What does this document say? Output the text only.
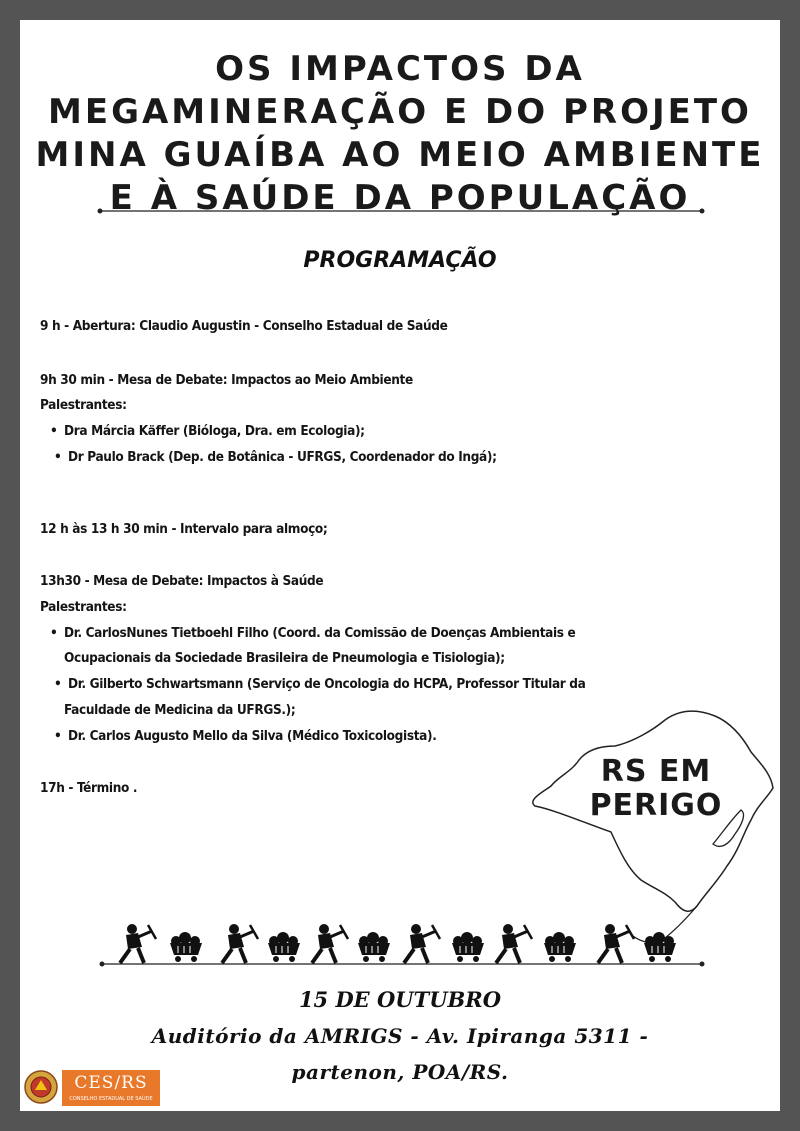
OS IMPACTOS DA
MEGAMINERAÇÃO E DO PROJETO
MINA GUAÍBA AO MEIO AMBIENTE
E À SAÚDE DA POPULAÇÃO
PROGRAMAÇÃO
9 h - Abertura: Claudio Augustin - Conselho Estadual de Saúde
9h 30 min - Mesa de Debate: Impactos ao Meio Ambiente
Palestrantes:
• Dra Márcia Käffer (Bióloga, Dra. em Ecologia);
• Dr Paulo Brack (Dep. de Botânica - UFRGS, Coordenador do Ingá);
12 h às 13 h 30 min - Intervalo para almoço;
13h30 - Mesa de Debate: Impactos à Saúde
Palestrantes:
• Dr. CarlosNunes Tietboehl Filho (Coord. da Comissão de Doenças Ambientais e
Ocupacionais da Sociedade Brasileira de Pneumologia e Tisiologia);
• Dr. Gilberto Schwartsmann (Serviço de Oncologia do HCPA, Professor Titular da
Faculdade de Medicina da UFRGS.);
• Dr. Carlos Augusto Mello da Silva (Médico Toxicologista).
17h - Término .	RS EM
PERIGO
15 DE OUTUBRO
Auditório da AMRIGS - Av. Ipiranga 5311 -
partenon, POA/RS.
CES/RS
CONSELHO ESTADUAL DE SAÚDE
